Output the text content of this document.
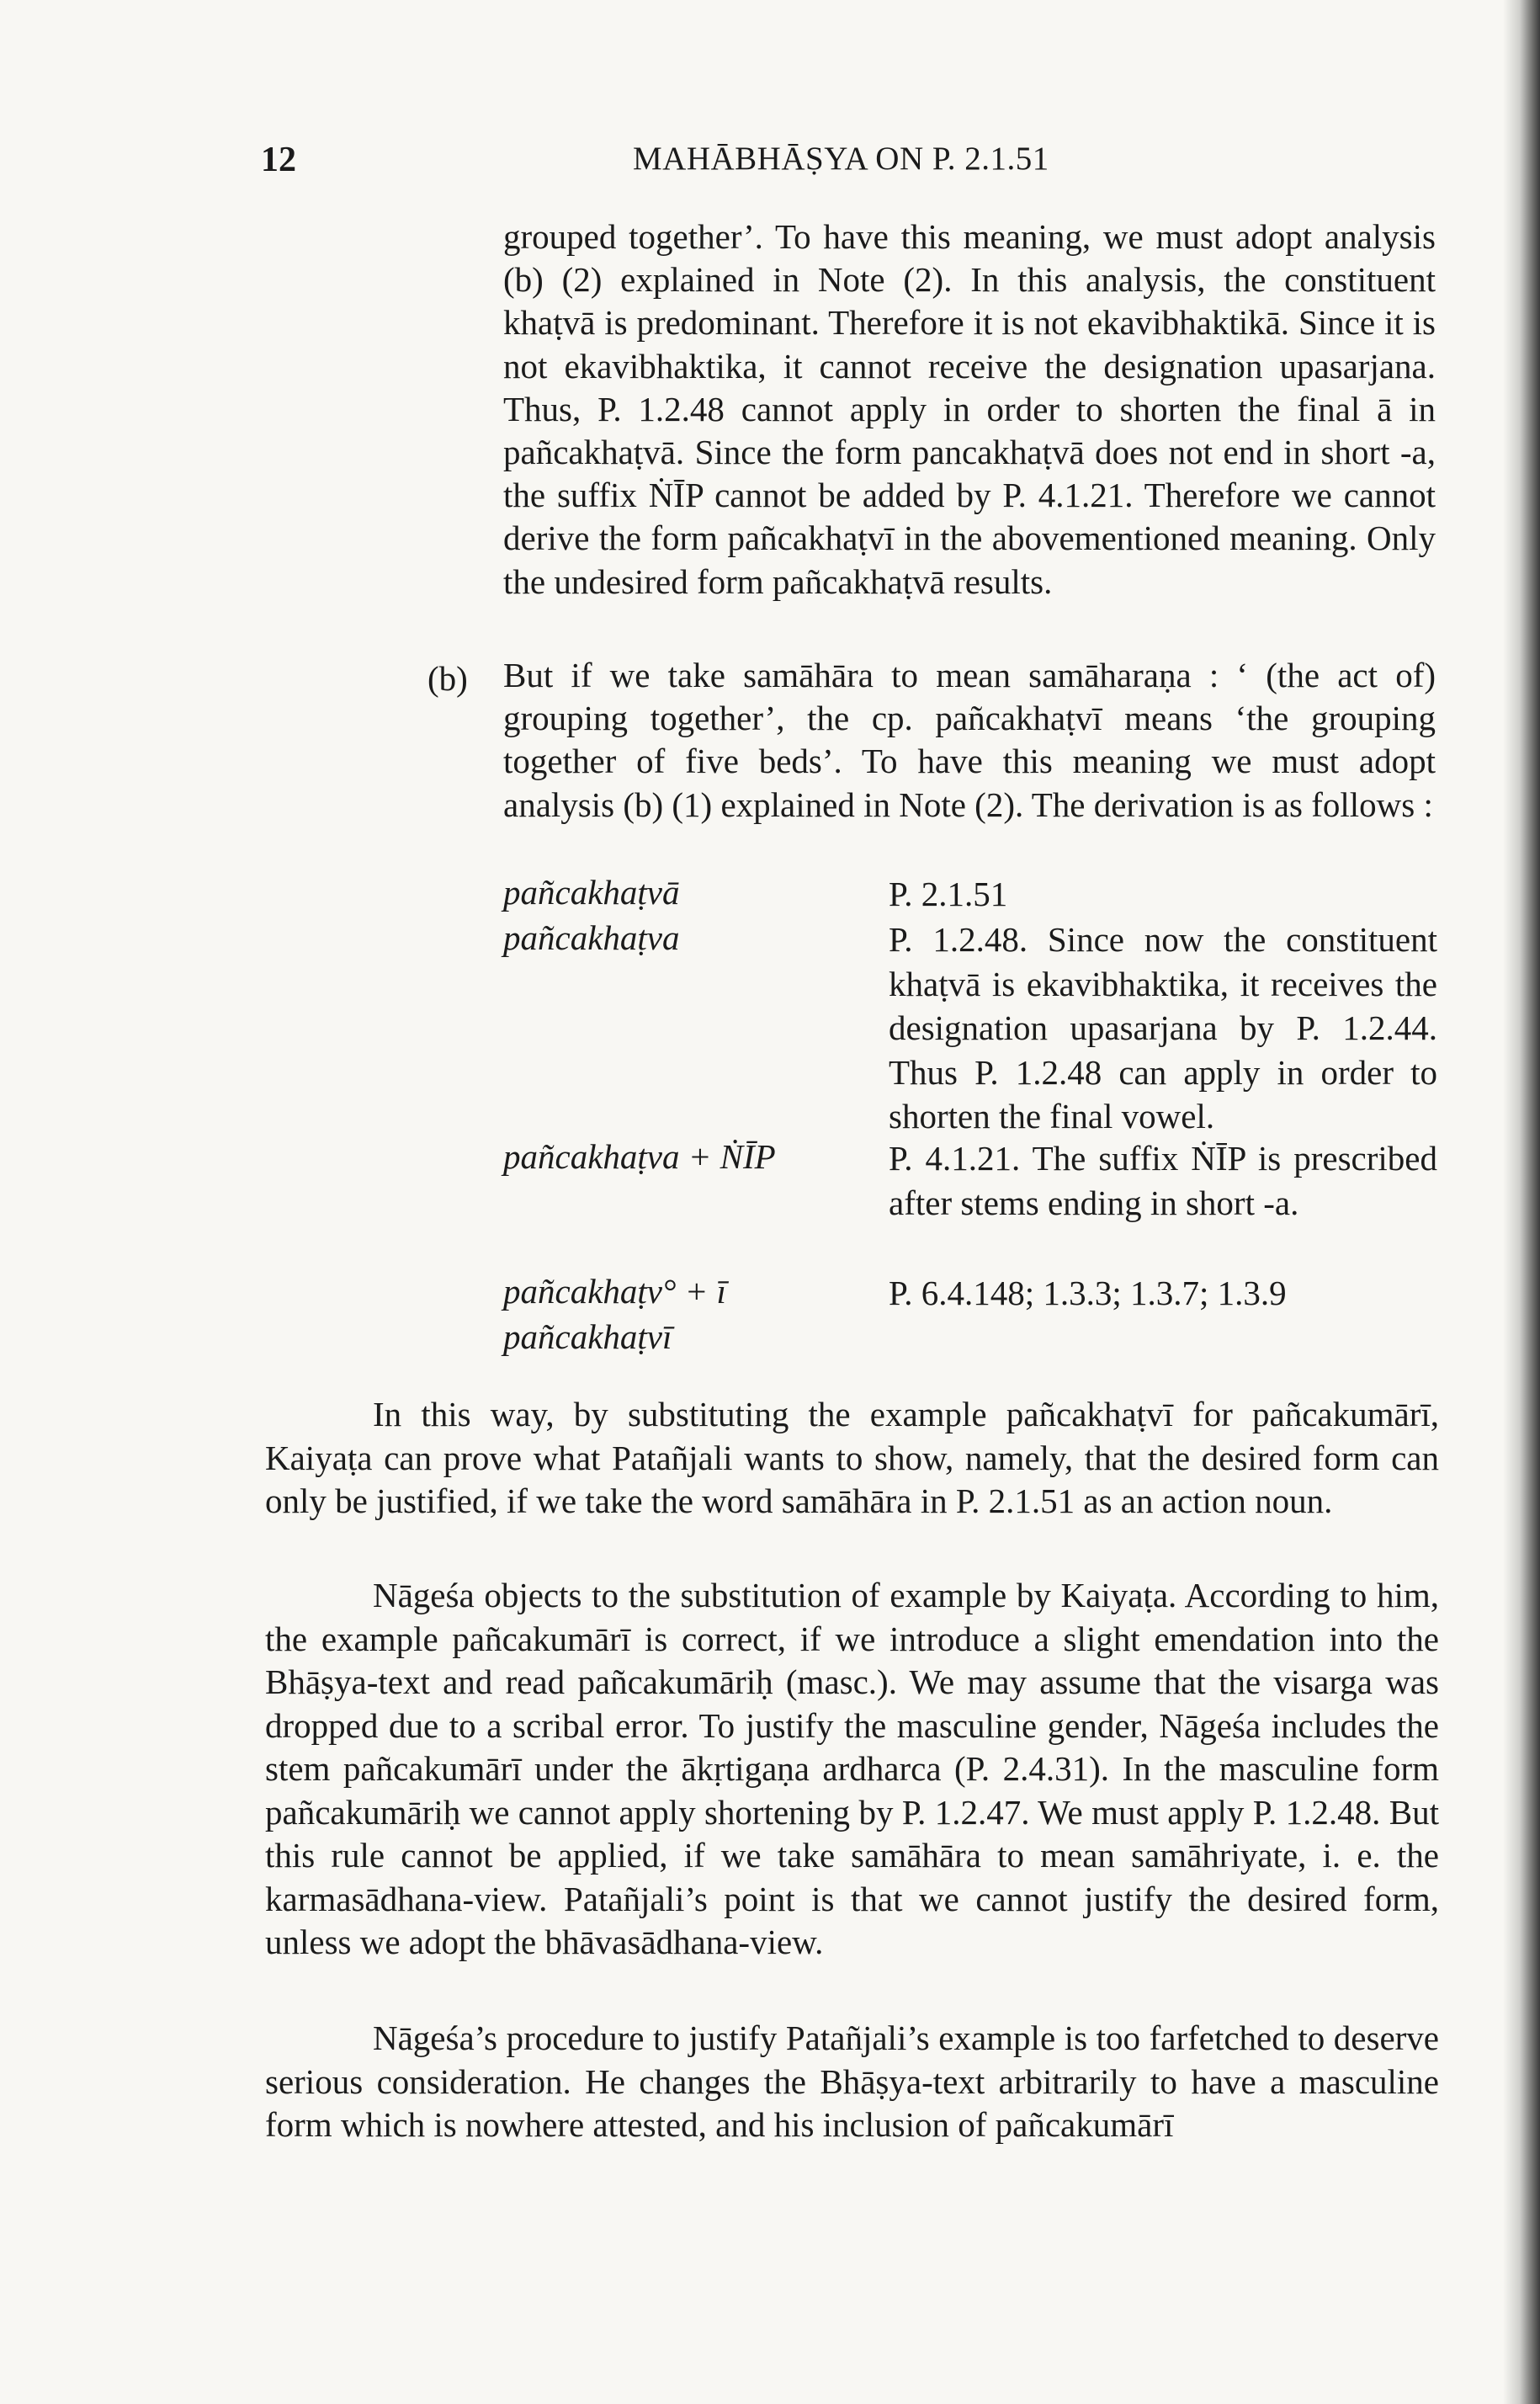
12	MAHĀBHĀṢYA ON P. 2.1.51

grouped together’. To have this meaning, we must adopt analysis (b) (2) explained in Note (2). In this analysis, the constituent khaṭvā is predominant. Therefore it is not ekavibhaktikā. Since it is not ekavibhaktika, it cannot receive the designation upasarjana. Thus, P. 1.2.48 cannot apply in order to shorten the final ā in pañcakhaṭvā. Since the form pancakhaṭvā does not end in short -a, the suffix ṄĪP cannot be added by P. 4.1.21. Therefore we cannot derive the form pañcakhaṭvī in the abovementioned meaning. Only the undesired form pañcakhaṭvā results.

(b) But if we take samāhāra to mean samāharaṇa : ‘ (the act of) grouping together’, the cp. pañcakhaṭvī means ‘the grouping together of five beds’. To have this meaning we must adopt analysis (b) (1) explained in Note (2). The derivation is as follows :

pañcakhaṭvā	P. 2.1.51
pañcakhaṭva	P. 1.2.48. Since now the constituent khaṭvā is ekavibhaktika, it receives the designation upasarjana by P. 1.2.44. Thus P. 1.2.48 can apply in order to shorten the final vowel.
pañcakhaṭva + ṄĪP	P. 4.1.21. The suffix ṄĪP is prescribed after stems ending in short -a.
pañcakhaṭv° + ī	P. 6.4.148; 1.3.3; 1.3.7; 1.3.9
pañcakhaṭvī

In this way, by substituting the example pañcakhaṭvī for pañcakumārī, Kaiyaṭa can prove what Patañjali wants to show, namely, that the desired form can only be justified, if we take the word samāhāra in P. 2.1.51 as an action noun.

Nāgeśa objects to the substitution of example by Kaiyaṭa. According to him, the example pañcakumārī is correct, if we introduce a slight emendation into the Bhāṣya-text and read pañcakumāriḥ (masc.). We may assume that the visarga was dropped due to a scribal error. To justify the masculine gender, Nāgeśa includes the stem pañcakumārī under the ākṛtigaṇa ardharca (P. 2.4.31). In the masculine form pañcakumāriḥ we cannot apply shortening by P. 1.2.47. We must apply P. 1.2.48. But this rule cannot be applied, if we take samāhāra to mean samāhriyate, i. e. the karmasādhana-view. Patañjali’s point is that we cannot justify the desired form, unless we adopt the bhāvasādhana-view.

Nāgeśa’s procedure to justify Patañjali’s example is too farfetched to deserve serious consideration. He changes the Bhāṣya-text arbitrarily to have a masculine form which is nowhere attested, and his inclusion of pañcakumārī
